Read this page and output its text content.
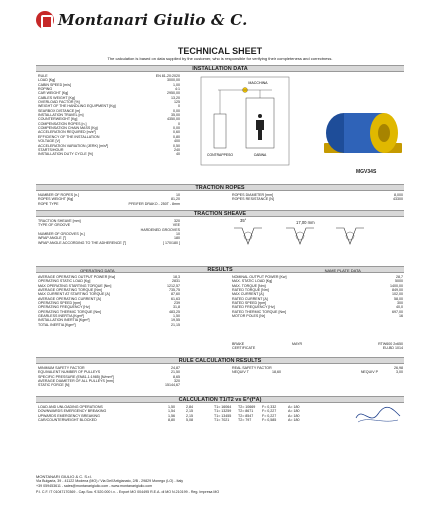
Montanari Giulio & C.
TECHNICAL SHEET
The calculation is based on data supplied by the customer, who is responsible for verifying their completeness and correctness.
INSTALLATION DATA
RULE	EN 81-20:2020
LOAD [Kg]	3000,00
CABIN SPEED [m/s]	1,00
ROPING	4:1
CAR WEIGHT [Kg]	2950,00
CABLES WEIGHT [Kg]	13,20
OVERLOAD FACTOR [%]	125
WEIGHT OF THE HANDLING EQUIPMENT [Kg]	0
SEARBOX DISTANCE [m]	0,00
INSTALLATION TRAVEL [m]	35,00
COUNTERWEIGHT [Kg]	4350,00
COMPENSATION ROPES [n.]	0
COMPENSATION CHAIN MASS [Kg]	0,00
ACCELERATION REQUIRED [m/s²]	0,60
EFFICIENCY OF THE INSTALLATION	0,80
VOLTAGE [V]	400
ACCELERATION VARIATION (JERK) [m/s³]	0,50
STARTS/HOUR	240
INSTALLATION DUTY CYCLE [%]	40
MACCHINA
CONTRAPPESO	CABINA
MGV34S
TRACTION ROPES
NUMBER OF ROPES [n.]	10
ROPES WEIGHT [Kg]	81,20
ROPE TYPE	PFEIFER DRAKO - 250T - 8mm
ROPES DIAMETER [mm]	8,000
ROPES RESISTANCE [N]	43300
TRACTION SHEAVE
TRACTION SHEAVE [mm]	320
TYPE OF GROOVE	VEE
HARDENED GROOVES
NUMBER OF GROOVES [n.]	10
WRAP ANGLE [°]	180
WRAP ANGLE ACCORDING TO THE ADHERENCE [°]	[ 170/180 ]
35°	17,00 mm
OPERATING DATA	RESULTS	NAME PLATE DATA
AVERAGE OPERATING OUTPUT POWER [Kw]	18,3
OPERATING STATIC LOAD [Kg]	2831
MAX OPERATING STARTING TORQUE [Nm]	1212,57
AVERAGE OPERATING TORQUE [Nm]	735,75
MAX CURRENT AT STARTING TORQUE [A]	87,60
AVERAGE OPERATING CURRENT [A]	61,63
OPERATING SPEED [rpm]	239
OPERATING FREQUENCY [Hz]	31,8
OPERATING THERMIC TORQUE [Nm]	483,25
GEARLESS INERTIA [Kgm²]	1,50
INSTALLATION INERTIA [Kgm²]	19,55
TOTAL INERTIA [Kgm²]	21,15
NOMINAL OUTPUT POWER [Kw]	28,7
MAX. STATIC LOAD [Kg]	5000
MAX. TORQUE [Nm]	1400,00
RATED TORQUE [Nm]	849,00
MAX CURRENT [A]	102,00
RATED CURRENT [A]	58,00
RATED SPEED [rpm]	300
RATED FREQUENCY [Hz]	40,0
RATED THERMIC TORQUE [Nm]	697,00
MOTOR POLES [Nr]	16
BRAKE	MAYR	RTW600 2x650
CERTIFICATE	EU-BD 1014
RULE CALCULATION RESULTS
MINIMUM SAFETY FACTOR	24,87
EQUIVALENT NUMBER OF PULLEYS	21,50
SPECIFIC PRESSURE (EN81-1:1985) [N/mm²]	8,65
AVERAGE DIAMETER OF ALL PULLEYS [mm]	320
STATIC FORCE [N]	15144,67
REAL SAFETY FACTOR	26,98
NEQUIV T	18,60	NEQUIV P	3,00
CALCULATION T1/T2 vs E^(f*A)
LOAD AND UNLOADING OPERATIONS	1,50	2,84	T1= 16064	T2= 10669	F= 0,332	A= 180
DOWNWARDS EMERGENCY BREAKING	1,54	2,15	T1= 13259	T2= 8671	F= 0,227	A= 180
UPWARDS EMERGENCY BREAKING	1,56	2,15	T1= 13455	T2= 8547	F= 0,227	A= 180
CAR/COUNTERWEIGHT BLOCKED	8,80	5,08	T1= 7021	T2= 797	F= 0,585	A= 180
MONTANARI GIULIO & C. S.r.l.
Via Bulgaria, 39 - 41122 Modena (MO) / Via Dell'Artigianato, 2/B - 29829 Monego (LO) - Italy
+39 059453611 - sales@montanarigiulio.com - www.montanarigiulio.com
P.I. C.F. IT 01047170369 - Cap.Soc. € 520.000 i.v. - Export MO 004495 R.E.A. di MO N.210199 - Reg. Impresa MO
